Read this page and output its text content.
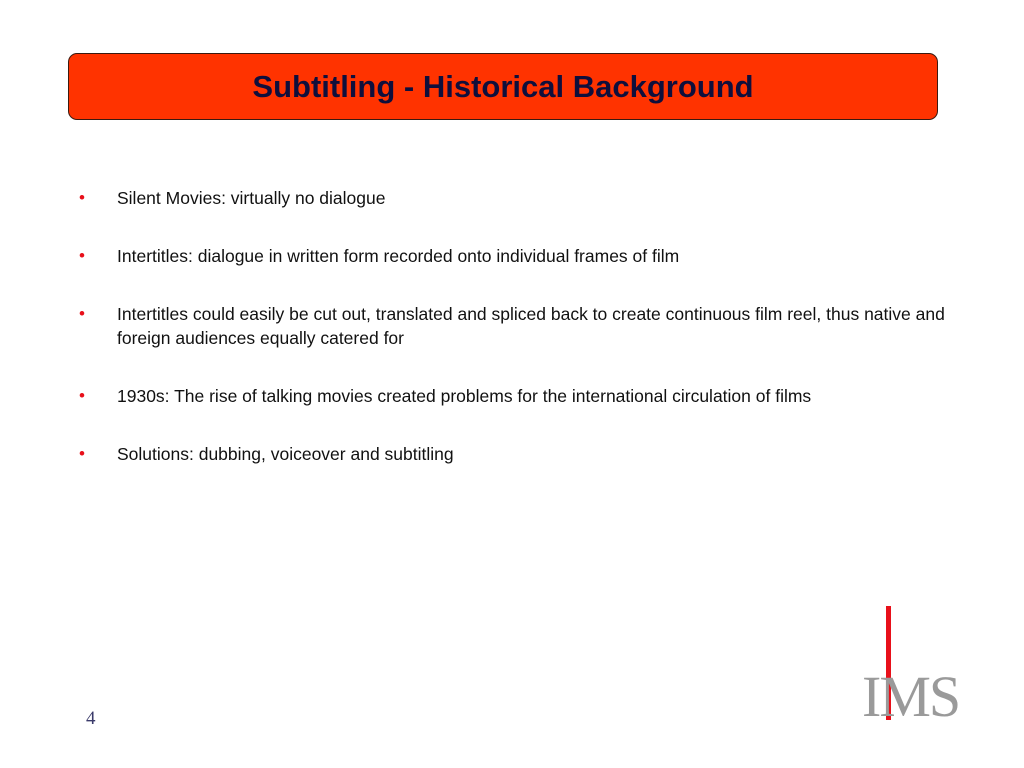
Subtitling - Historical Background
• Silent Movies: virtually no dialogue
• Intertitles: dialogue in written form recorded onto individual frames of film
• Intertitles could easily be cut out, translated and spliced back to create continuous film reel, thus native and foreign audiences equally catered for
• 1930s: The rise of talking movies created problems for the international circulation of films
• Solutions: dubbing, voiceover and subtitling
4	IMS
